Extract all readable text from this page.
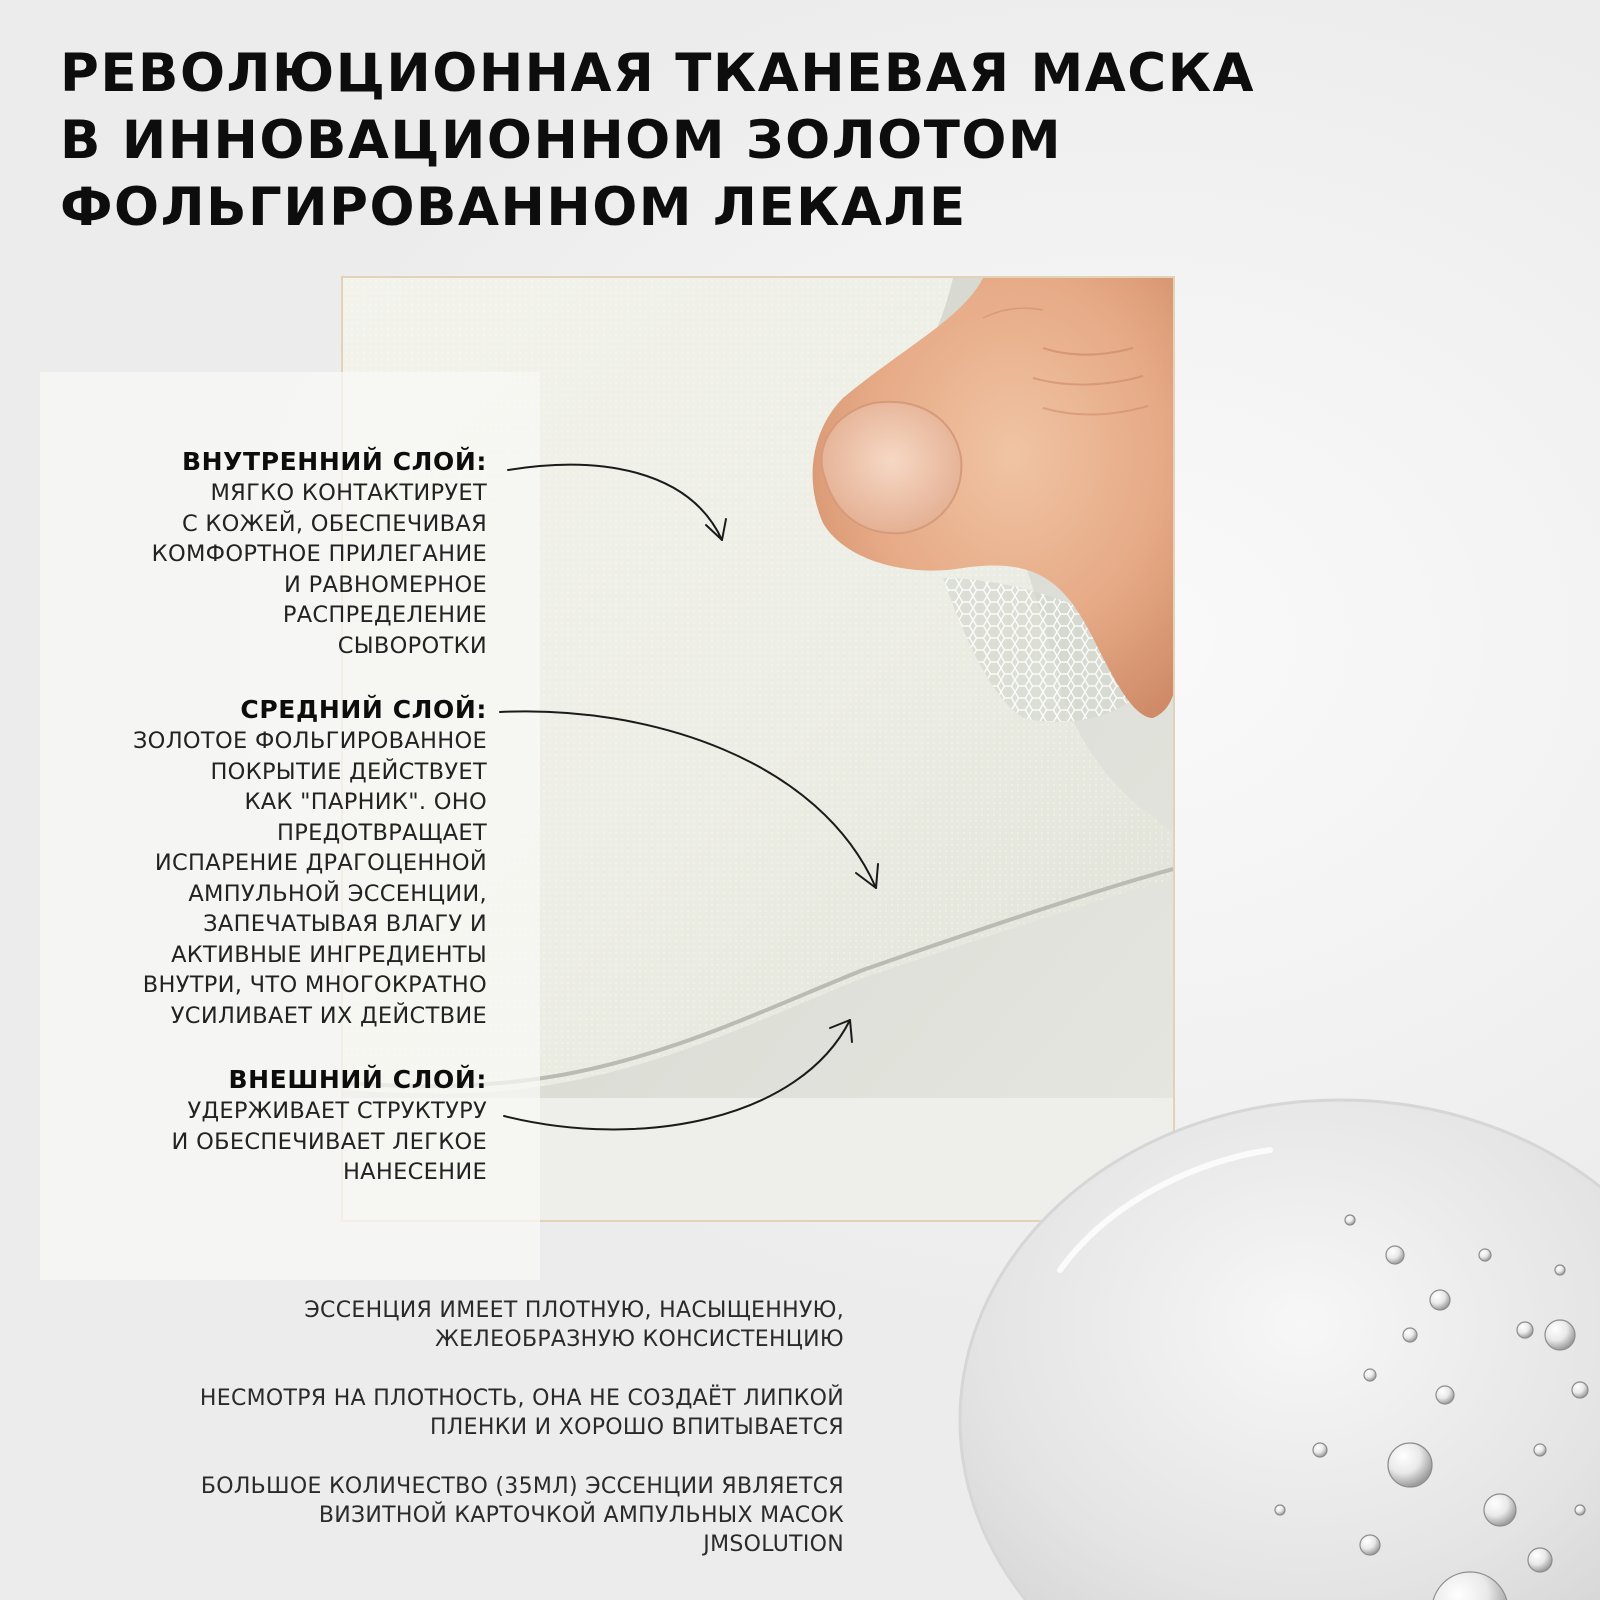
РЕВОЛЮЦИОННАЯ ТКАНЕВАЯ МАСКА
В ИННОВАЦИОННОМ ЗОЛОТОМ
ФОЛЬГИРОВАННОМ ЛЕКАЛЕ
ВНУТРЕННИЙ СЛОЙ:
МЯГКО КОНТАКТИРУЕТ
С КОЖЕЙ, ОБЕСПЕЧИВАЯ
КОМФОРТНОЕ ПРИЛЕГАНИЕ
И РАВНОМЕРНОЕ
РАСПРЕДЕЛЕНИЕ
СЫВОРОТКИ
СРЕДНИЙ СЛОЙ:
ЗОЛОТОЕ ФОЛЬГИРОВАННОЕ
ПОКРЫТИЕ ДЕЙСТВУЕТ
КАК "ПАРНИК". ОНО
ПРЕДОТВРАЩАЕТ
ИСПАРЕНИЕ ДРАГОЦЕННОЙ
АМПУЛЬНОЙ ЭССЕНЦИИ,
ЗАПЕЧАТЫВАЯ ВЛАГУ И
АКТИВНЫЕ ИНГРЕДИЕНТЫ
ВНУТРИ, ЧТО МНОГОКРАТНО
УСИЛИВАЕТ ИХ ДЕЙСТВИЕ
ВНЕШНИЙ СЛОЙ:
УДЕРЖИВАЕТ СТРУКТУРУ
И ОБЕСПЕЧИВАЕТ ЛЕГКОЕ
НАНЕСЕНИЕ

ЭССЕНЦИЯ ИМЕЕТ ПЛОТНУЮ, НАСЫЩЕННУЮ,
ЖЕЛЕОБРАЗНУЮ КОНСИСТЕНЦИЮ

НЕСМОТРЯ НА ПЛОТНОСТЬ, ОНА НЕ СОЗДАЁТ ЛИПКОЙ
ПЛЕНКИ И ХОРОШО ВПИТЫВАЕТСЯ

БОЛЬШОЕ КОЛИЧЕСТВО (35МЛ) ЭССЕНЦИИ ЯВЛЯЕТСЯ
ВИЗИТНОЙ КАРТОЧКОЙ АМПУЛЬНЫХ МАСОК
JMSOLUTION
